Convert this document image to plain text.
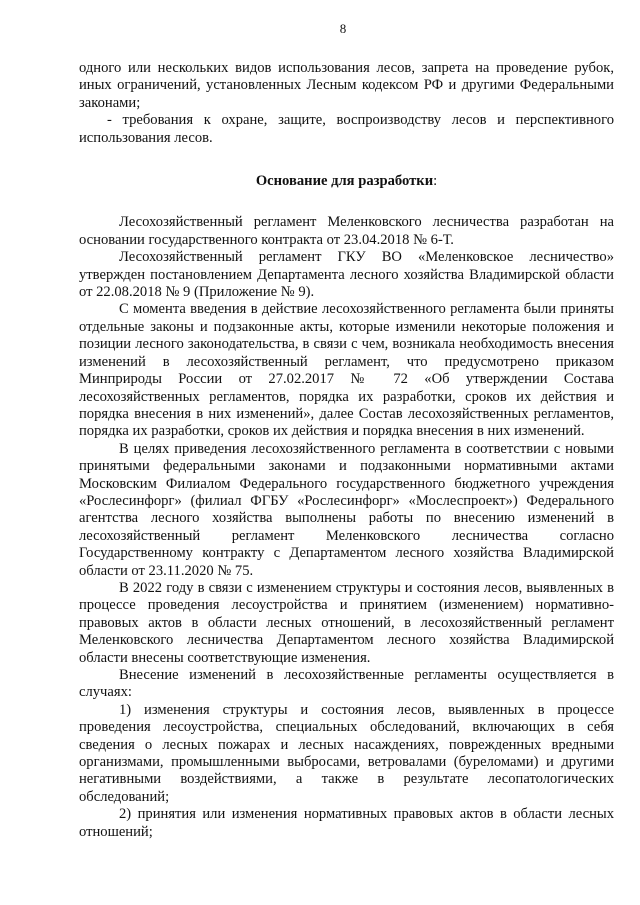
8

одного или нескольких видов использования лесов, запрета на проведение рубок, иных ограничений, установленных Лесным кодексом РФ и другими Федеральными законами;

- требования к охране, защите, воспроизводству лесов и перспективного использования лесов.

Основание для разработки:

Лесохозяйственный регламент Меленковского лесничества разработан на основании государственного контракта от 23.04.2018 № 6-Т.

Лесохозяйственный регламент ГКУ ВО «Меленковское лесничество» утвержден постановлением Департамента лесного хозяйства Владимирской области от 22.08.2018 № 9 (Приложение № 9).

С момента введения в действие лесохозяйственного регламента были приняты отдельные законы и подзаконные акты, которые изменили некоторые положения и позиции лесного законодательства, в связи с чем, возникала необходимость внесения изменений в лесохозяйственный регламент, что предусмотрено приказом Минприроды России от 27.02.2017 № 72 «Об утверждении Состава лесохозяйственных регламентов, порядка их разработки, сроков их действия и порядка внесения в них изменений», далее Состав лесохозяйственных регламентов, порядка их разработки, сроков их действия и порядка внесения в них изменений.

В целях приведения лесохозяйственного регламента в соответствии с новыми принятыми федеральными законами и подзаконными нормативными актами Московским Филиалом Федерального государственного бюджетного учреждения «Рослесинфорг» (филиал ФГБУ «Рослесинфорг» «Мослеспроект») Федерального агентства лесного хозяйства выполнены работы по внесению изменений в лесохозяйственный регламент Меленковского лесничества согласно Государственному контракту с Департаментом лесного хозяйства Владимирской области от 23.11.2020 № 75.

В 2022 году в связи с изменением структуры и состояния лесов, выявленных в процессе проведения лесоустройства и принятием (изменением) нормативно-правовых актов в области лесных отношений, в лесохозяйственный регламент Меленковского лесничества Департаментом лесного хозяйства Владимирской области внесены соответствующие изменения.

Внесение изменений в лесохозяйственные регламенты осуществляется в случаях:

1) изменения структуры и состояния лесов, выявленных в процессе проведения лесоустройства, специальных обследований, включающих в себя сведения о лесных пожарах и лесных насаждениях, поврежденных вредными организмами, промышленными выбросами, ветровалами (буреломами) и другими негативными воздействиями, а также в результате лесопатологических обследований;

2) принятия или изменения нормативных правовых актов в области лесных отношений;
